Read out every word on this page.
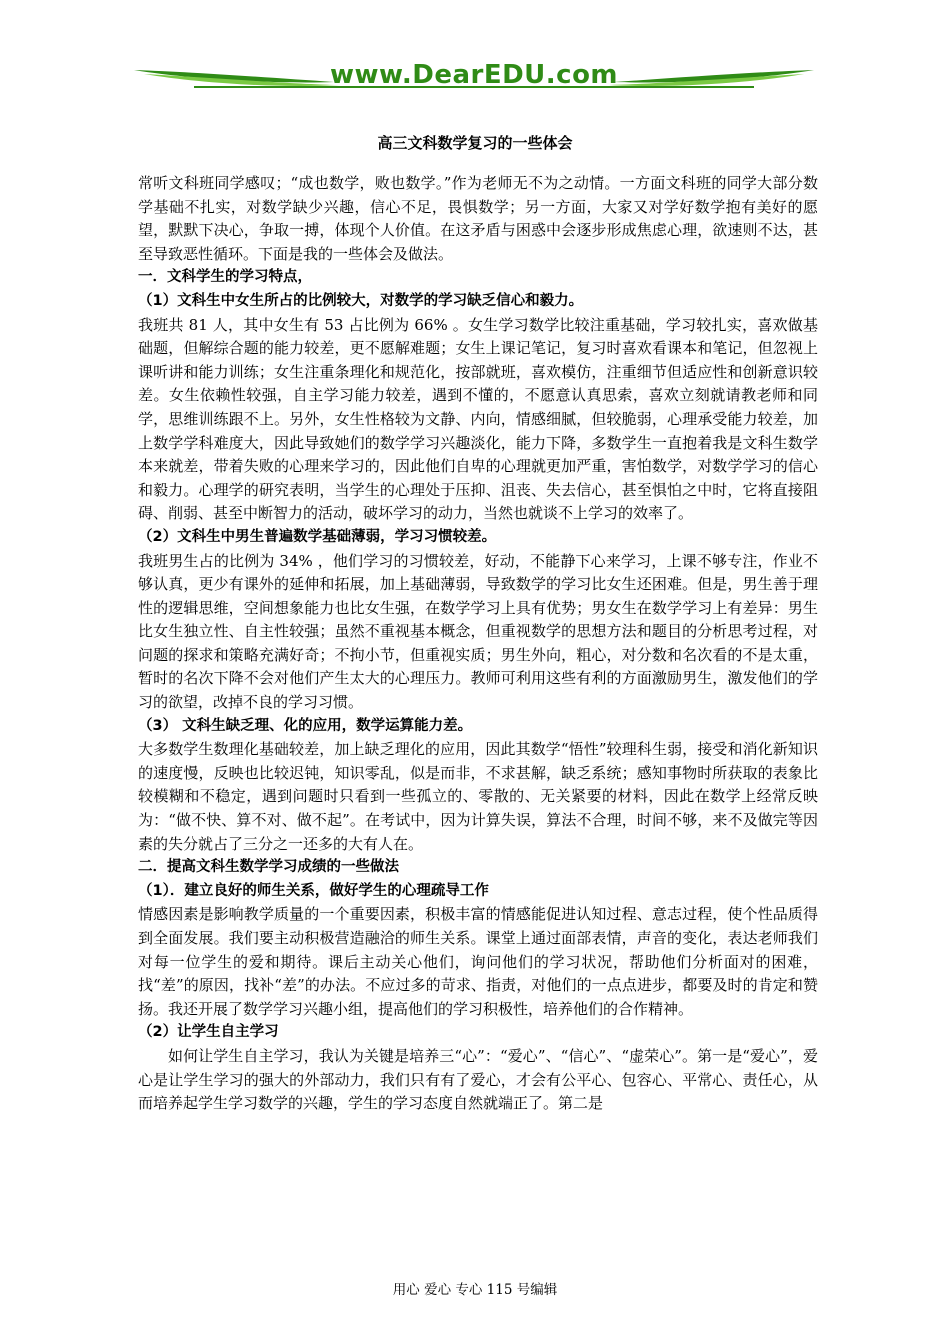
www.DearEDU.com
高三文科数学复习的一些体会

常听文科班同学感叹；“成也数学，败也数学。”作为老师无不为之动情。一方面文科班的同学大部分数学基础不扎实，对数学缺少兴趣，信心不足，畏惧数学；另一方面，大家又对学好数学抱有美好的愿望，默默下决心，争取一搏，体现个人价值。在这矛盾与困惑中会逐步形成焦虑心理，欲速则不达，甚至导致恶性循环。下面是我的一些体会及做法。

一．文科学生的学习特点，

（1）文科生中女生所占的比例较大，对数学的学习缺乏信心和毅力。

我班共 81 人，其中女生有 53 占比例为 66% 。女生学习数学比较注重基础，学习较扎实，喜欢做基础题，但解综合题的能力较差，更不愿解难题；女生上课记笔记，复习时喜欢看课本和笔记，但忽视上课听讲和能力训练；女生注重条理化和规范化，按部就班，喜欢模仿，注重细节但适应性和创新意识较差。女生依赖性较强，自主学习能力较差，遇到不懂的，不愿意认真思索，喜欢立刻就请教老师和同学，思维训练跟不上。另外，女生性格较为文静、内向，情感细腻，但较脆弱，心理承受能力较差，加上数学学科难度大，因此导致她们的数学学习兴趣淡化，能力下降，多数学生一直抱着我是文科生数学本来就差，带着失败的心理来学习的，因此他们自卑的心理就更加严重，害怕数学，对数学学习的信心和毅力。心理学的研究表明，当学生的心理处于压抑、沮丧、失去信心，甚至惧怕之中时，它将直接阻碍、削弱、甚至中断智力的活动，破坏学习的动力，当然也就谈不上学习的效率了。

（2）文科生中男生普遍数学基础薄弱，学习习惯较差。

我班男生占的比例为 34% ，他们学习的习惯较差，好动，不能静下心来学习，上课不够专注，作业不够认真，更少有课外的延伸和拓展，加上基础薄弱，导致数学的学习比女生还困难。但是，男生善于理性的逻辑思维，空间想象能力也比女生强，在数学学习上具有优势；男女生在数学学习上有差异：男生比女生独立性、自主性较强；虽然不重视基本概念，但重视数学的思想方法和题目的分析思考过程，对问题的探求和策略充满好奇；不拘小节，但重视实质；男生外向，粗心，对分数和名次看的不是太重，暂时的名次下降不会对他们产生太大的心理压力。教师可利用这些有利的方面激励男生，激发他们的学习的欲望，改掉不良的学习习惯。

（3） 文科生缺乏理、化的应用，数学运算能力差。

大多数学生数理化基础较差，加上缺乏理化的应用，因此其数学“悟性”较理科生弱，接受和消化新知识的速度慢，反映也比较迟钝，知识零乱，似是而非，不求甚解，缺乏系统；感知事物时所获取的表象比较模糊和不稳定，遇到问题时只看到一些孤立的、零散的、无关紧要的材料，因此在数学上经常反映为：“做不快、算不对、做不起”。在考试中，因为计算失误，算法不合理，时间不够，来不及做完等因素的失分就占了三分之一还多的大有人在。

二．提高文科生数学学习成绩的一些做法

（1）．建立良好的师生关系，做好学生的心理疏导工作

情感因素是影响教学质量的一个重要因素，积极丰富的情感能促进认知过程、意志过程，使个性品质得到全面发展。我们要主动积极营造融洽的师生关系。课堂上通过面部表情，声音的变化，表达老师我们对每一位学生的爱和期待。课后主动关心他们，询问他们的学习状况，帮助他们分析面对的困难，找“差”的原因，找补“差”的办法。不应过多的苛求、指责，对他们的一点点进步，都要及时的肯定和赞扬。我还开展了数学学习兴趣小组，提高他们的学习积极性，培养他们的合作精神。

（2）让学生自主学习

如何让学生自主学习，我认为关键是培养三“心”：“爱心”、“信心”、“虚荣心”。第一是“爱心”，爱心是让学生学习的强大的外部动力，我们只有有了爱心，才会有公平心、包容心、平常心、责任心，从而培养起学生学习数学的兴趣，学生的学习态度自然就端正了。第二是

用心 爱心 专心 115 号编辑
